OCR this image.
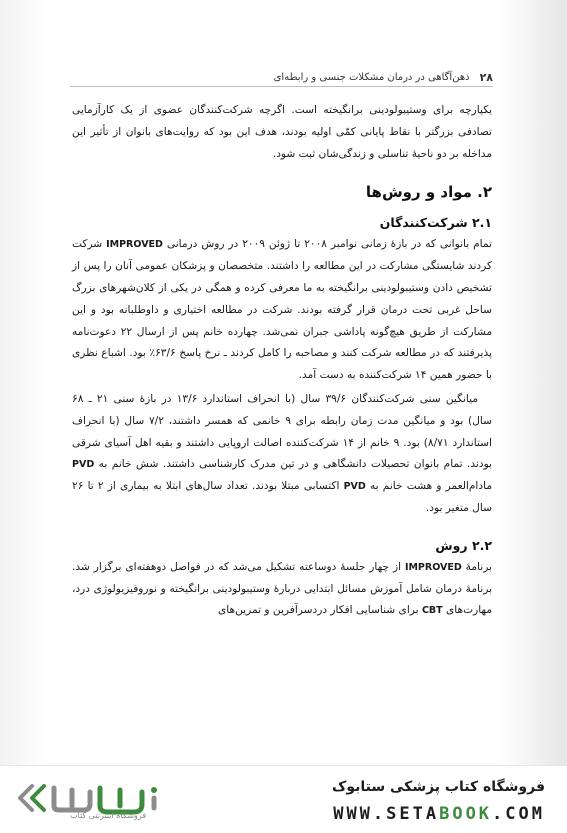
۲۸
ذهن‌آگاهی در درمان مشکلات جنسی و رابطه‌ای

یکپارچه برای وستیبولودینی برانگیخته است. اگرچه شرکت‌کنندگان عضوی از یک کارآزمایی تصادفی بزرگتر با نقاط پایانی کمّی اولیه بودند، هدف این بود که روایت‌های بانوان از تأثیر این مداخله بر دو ناحیهٔ تناسلی و زندگی‌شان ثبت شود.

۲. مواد و روش‌ها
۲.۱ شرکت‌کنندگان

تمام بانوانی که در بازهٔ زمانی نوامبر ۲۰۰۸ تا ژوئن ۲۰۰۹ در روش درمانی IMPROVED شرکت کردند شایستگی مشارکت در این مطالعه را داشتند. متخصصان و پزشکان عمومی آنان را پس از تشخیص دادن وستیبولودینی برانگیخته به ما معرفی کرده و همگی در یکی از کلان‌شهرهای بزرگ ساحل غربی تحت درمان قرار گرفته بودند. شرکت در مطالعه اختیاری و داوطلبانه بود و این مشارکت از طریق هیچ‌گونه پاداشی جبران نمی‌شد. چهارده خانم پس از ارسال ۲۲ دعوت‌نامه پذیرفتند که در مطالعه شرکت کنند و مصاحبه را کامل کردند ـ نرخ پاسخ ۶۳/۶٪ بود. اشباع نظری با حضور همین ۱۴ شرکت‌کننده به دست آمد.

میانگین سنی شرکت‌کنندگان ۳۹/۶ سال (با انحراف استاندارد ۱۳/۶ در بازهٔ سنی ۲۱ ـ ۶۸ سال) بود و میانگین مدت زمان رابطه برای ۹ خانمی که همسر داشتند، ۷/۲ سال (با انحراف استاندارد ۸/۷۱) بود. ۹ خانم از ۱۴ شرکت‌کننده اصالت اروپایی داشتند و بقیه اهل آسیای شرقی بودند. تمام بانوان تحصیلات دانشگاهی و در تین مدرک کارشناسی داشتند. شش خانم به PVD مادام‌العمر و هشت خانم به PVD اکتسابی مبتلا بودند. تعداد سال‌های ابتلا به بیماری از ۲ تا ۲۶ سال متغیر بود.

۲.۲ روش

برنامهٔ IMPROVED از چهار جلسهٔ دوساعته تشکیل می‌شد که در فواصل دوهفته‌ای برگزار شد. برنامهٔ درمان شامل آموزش مسائل ابتدایی دربارهٔ وستیبولودینی برانگیخته و نوروفیزیولوژی درد، مهارت‌های CBT برای شناسایی افکار دردسرآفرین و تمرین‌های

فروشگاه اینترنتی کتاب
فروشگاه کتاب پزشکی ستابوک
WWW.SETABOOK.COM
